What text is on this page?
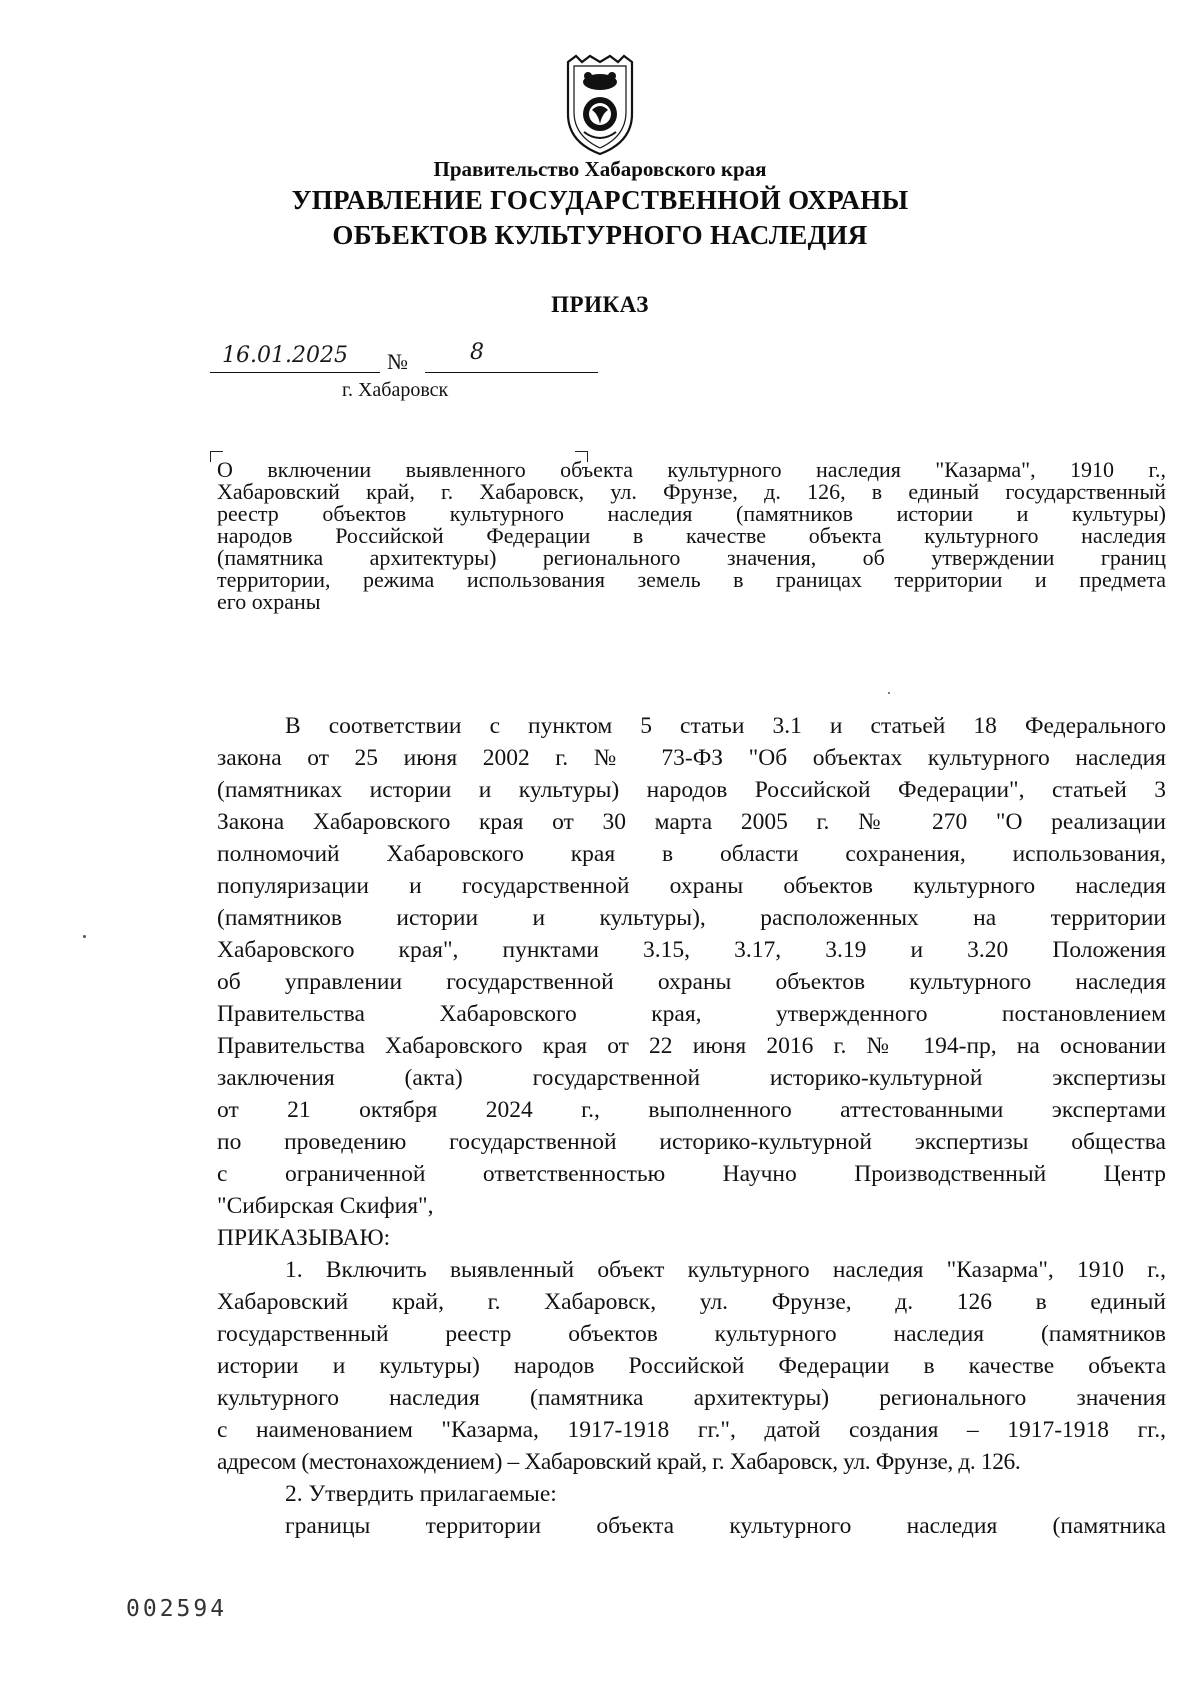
Правительство Хабаровского края
УПРАВЛЕНИЕ ГОСУДАРСТВЕННОЙ ОХРАНЫ
ОБЪЕКТОВ КУЛЬТУРНОГО НАСЛЕДИЯ
ПРИКАЗ
16.01.2025 №	8
г. Хабаровск
О включении выявленного объекта культурного наследия "Казарма", 1910 г.,
Хабаровский край, г. Хабаровск, ул. Фрунзе, д. 126, в единый государственный
реестр объектов культурного наследия (памятников истории и культуры)
народов Российской Федерации в качестве объекта культурного наследия
(памятника архитектуры) регионального значения, об утверждении границ
территории, режима использования земель в границах территории и предмета
его охраны
В соответствии с пунктом 5 статьи 3.1 и статьей 18 Федерального
закона от 25 июня 2002 г. № 73-ФЗ "Об объектах культурного наследия
(памятниках истории и культуры) народов Российской Федерации", статьей 3
Закона Хабаровского края от 30 марта 2005 г. № 270 "О реализации
полномочий Хабаровского края в области сохранения, использования,
популяризации и государственной охраны объектов культурного наследия
(памятников истории и культуры), расположенных на территории
Хабаровского края", пунктами 3.15, 3.17, 3.19 и 3.20 Положения
об управлении государственной охраны объектов культурного наследия
Правительства Хабаровского края, утвержденного постановлением
Правительства Хабаровского края от 22 июня 2016 г. № 194-пр, на основании
заключения (акта) государственной историко-культурной экспертизы
от 21 октября 2024 г., выполненного аттестованными экспертами
по проведению государственной историко-культурной экспертизы общества
с ограниченной ответственностью Научно Производственный Центр
"Сибирская Скифия",
ПРИКАЗЫВАЮ:
1. Включить выявленный объект культурного наследия "Казарма", 1910 г.,
Хабаровский край, г. Хабаровск, ул. Фрунзе, д. 126 в единый
государственный реестр объектов культурного наследия (памятников
истории и культуры) народов Российской Федерации в качестве объекта
культурного наследия (памятника архитектуры) регионального значения
с наименованием "Казарма, 1917-1918 гг.", датой создания – 1917-1918 гг.,
адресом (местонахождением) – Хабаровский край, г. Хабаровск, ул. Фрунзе, д. 126.
2. Утвердить прилагаемые:
границы территории объекта культурного наследия (памятника
002594
